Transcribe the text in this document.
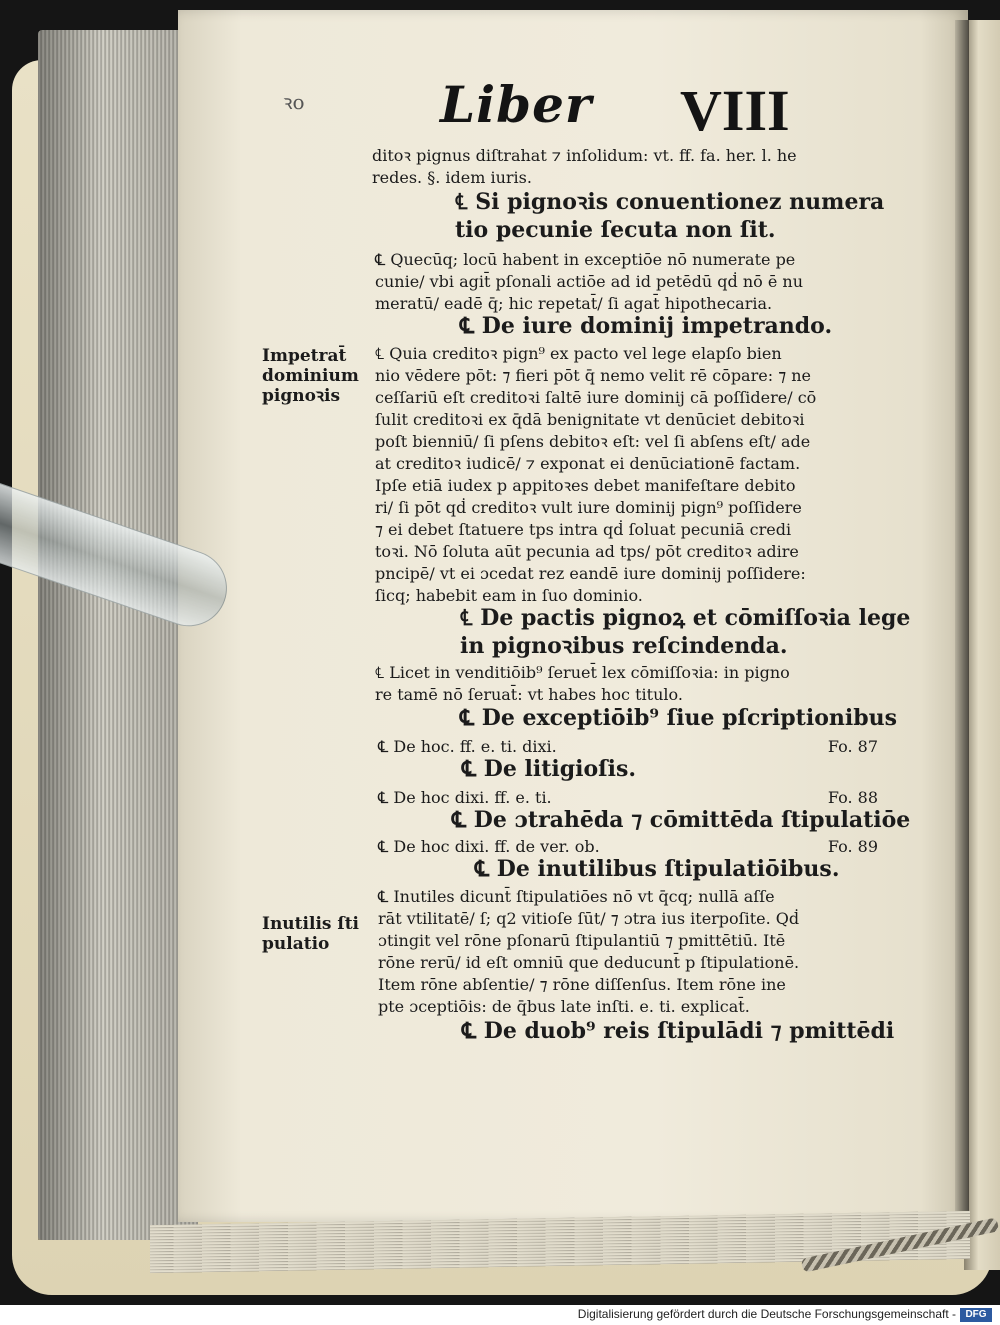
Liber VIII
ꝛo
ditoꝛ pignus diſtrahat ⁊ inſolidum: vt. ff. fa. her. l. he
redes. §. idem iuris.
℄ Si pignoꝛis conuentionez numera
tio pecunie ſecuta non ſit.
℄ Quecūq; locū habent in exceptiōe nō numerate pe
cunie/ vbi agit̄ pſonali actiōe ad id petēdū qḋ nō ē nu
meratū/ eadē q̄; hic repetat̄/ ſi agat̄ hipothecaria.
℄ De iure dominij impetrando.
Impetrat̄
dominium
pignoꝛis
℄ Quia creditoꝛ pign⁹ ex pacto vel lege elapſo bien
nio vēdere pōt: ⁊ fieri pōt q̄ nemo velit rē cōpare: ⁊ ne
ceſſariū eſt creditoꝛi ſaltē iure dominij cā poſſidere/ cō
ſulit creditoꝛi ex q̄dā benignitate vt denūciet debitoꝛi
poſt bienniū/ ſi pſens debitoꝛ eſt: vel ſi abſens eſt/ ade
at creditoꝛ iudicē/ ⁊ exponat ei denūciationē factam.
Ipſe etiā iudex p appitoꝛes debet manifeſtare debito
ri/ ſi pōt qḋ creditoꝛ vult iure dominij pign⁹ poſſidere
⁊ ei debet ſtatuere tps intra qḋ ſoluat pecuniā credi
toꝛi. Nō ſoluta aūt pecunia ad tps/ pōt creditoꝛ adire
pncipē/ vt ei ɔcedat rez eandē iure dominij poſſidere:
ſicq; habebit eam in ſuo dominio.
℄ De pactis pignoꝝ et cōmiſſoꝛia lege
in pignoꝛibus reſcindenda.
℄ Licet in venditiōib⁹ ſeruet̄ lex cōmiſſoꝛia: in pigno
re tamē nō ſeruat̄: vt habes hoc titulo.
℄ De exceptiōib⁹ ſiue pſcriptionibus
℄ De hoc. ff. e. ti. dixi.	Fo. 87
℄ De litigioſis.
℄ De hoc dixi. ff. e. ti.	Fo. 88
℄ De ɔtrahēda ⁊ cōmittēda ſtipulatiōe
℄ De hoc dixi. ff. de ver. ob.	Fo. 89
℄ De inutilibus ſtipulatiōibus.
Inutilis ſti
pulatio
℄ Inutiles dicunt̄ ſtipulatiōes nō vt q̄cq; nullā aſſe
rāt vtilitatē/ ſ; q2 vitioſe ſūt/ ⁊ ɔtra ius iterpoſite. Qḋ
ɔtingit vel rōne pſonarū ſtipulantiū ⁊ pmittētiū. Itē
rōne rerū/ id eſt omniū que deducunt̄ p ſtipulationē.
Item rōne abſentie/ ⁊ rōne diſſenſus. Item rōne ine
pte ɔceptiōis: de q̄bus late inſti. e. ti. explicat̄.
℄ De duob⁹ reis ſtipulādi ⁊ pmittēdi
Digitalisierung gefördert durch die Deutsche Forschungsgemeinschaft - DFG
